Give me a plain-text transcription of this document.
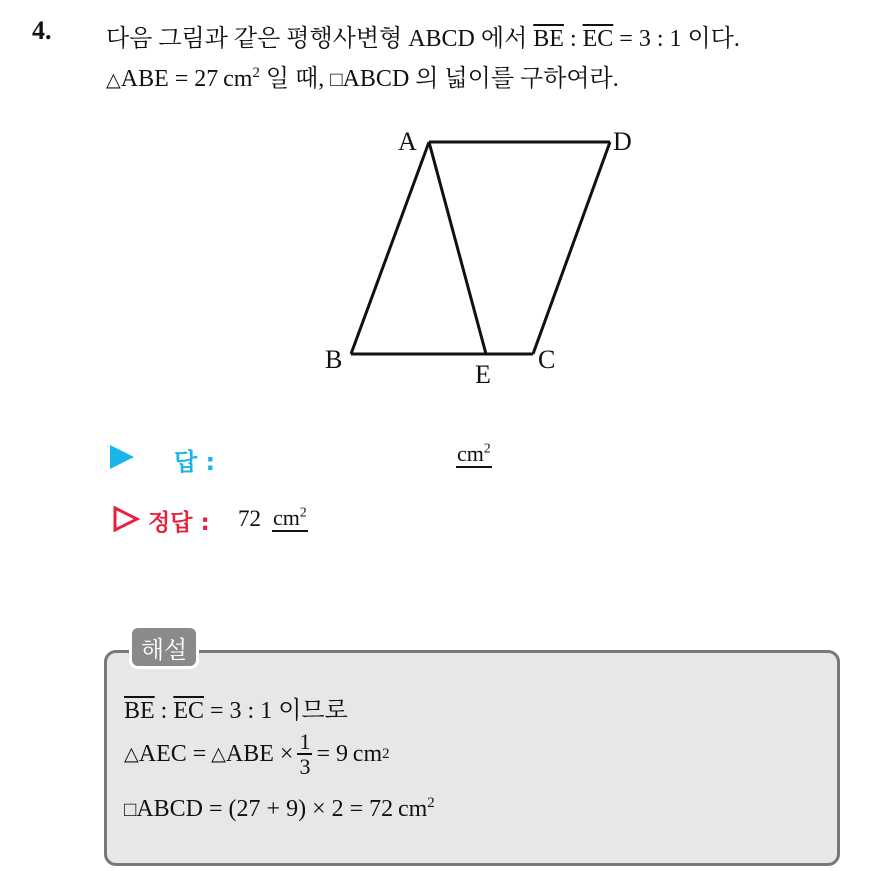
4. 다음 그림과 같은 평행사변형 ABCD 에서 $\overline{BE}$ : $\overline{EC} = 3$ : 1 이다.
△ABE = 27  $cm^2$ 일 때, □ABCD 의 넓이를 구하여라.
A	D
B	C
E
답 :	$cm^2$
정답 : 72 $cm^2$
해설
$\overline{BE}$ : $\overline{EC} = 3$ : 1 이므로
△ AEC =
  △ ABE × $\frac{1}{3} = 9$
  cm 2
□ABCD = (27 + 9) × 2 = 72  $cm^2$
